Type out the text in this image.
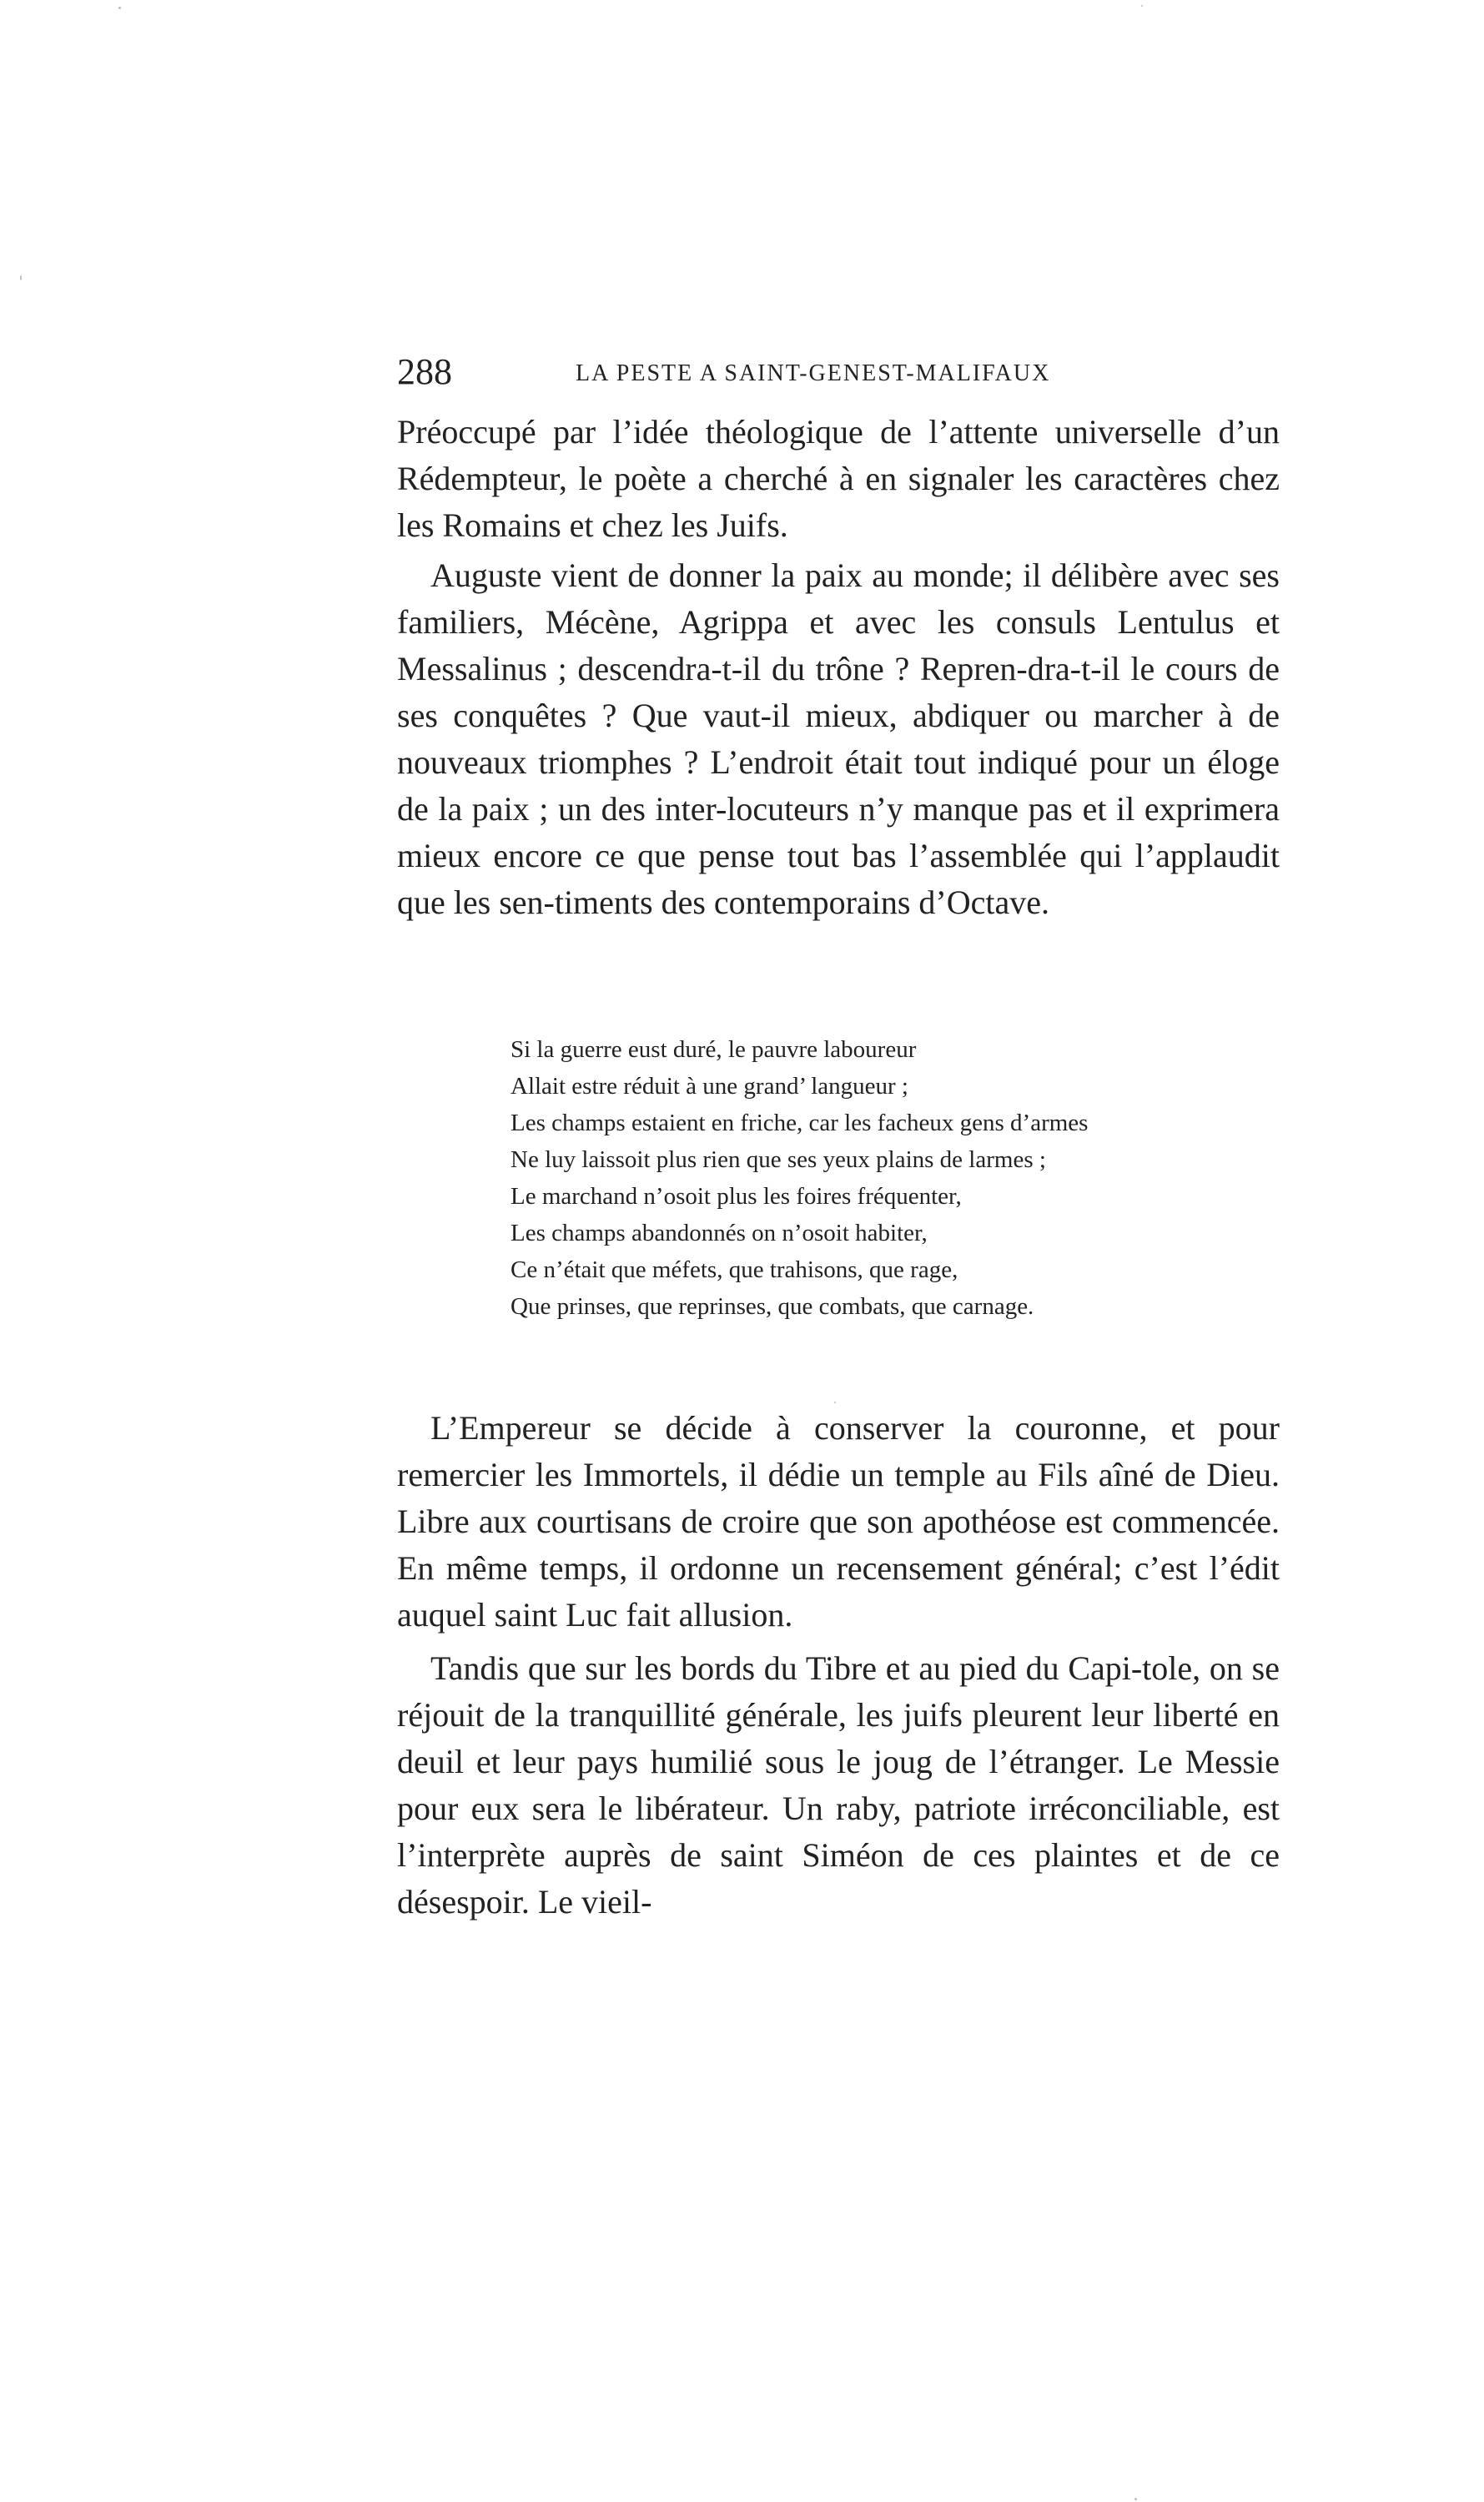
288	LA PESTE A SAINT-GENEST-MALIFAUX

Préoccupé par l’idée théologique de l’attente universelle d’un Rédempteur, le poète a cherché à en signaler les caractères chez les Romains et chez les Juifs.

Auguste vient de donner la paix au monde; il délibère avec ses familiers, Mécène, Agrippa et avec les consuls Lentulus et Messalinus ; descendra-t-il du trône ? Repren-dra-t-il le cours de ses conquêtes ? Que vaut-il mieux, abdiquer ou marcher à de nouveaux triomphes ? L’endroit était tout indiqué pour un éloge de la paix ; un des inter-locuteurs n’y manque pas et il exprimera mieux encore ce que pense tout bas l’assemblée qui l’applaudit que les sen-timents des contemporains d’Octave.

Si la guerre eust duré, le pauvre laboureur
Allait estre réduit à une grand’ langueur ;
Les champs estaient en friche, car les facheux gens d’armes
Ne luy laissoit plus rien que ses yeux plains de larmes ;
Le marchand n’osoit plus les foires fréquenter,
Les champs abandonnés on n’osoit habiter,
Ce n’était que méfets, que trahisons, que rage,
Que prinses, que reprinses, que combats, que carnage.

L’Empereur se décide à conserver la couronne, et pour remercier les Immortels, il dédie un temple au Fils aîné de Dieu. Libre aux courtisans de croire que son apothéose est commencée. En même temps, il ordonne un recensement général; c’est l’édit auquel saint Luc fait allusion.

Tandis que sur les bords du Tibre et au pied du Capi-tole, on se réjouit de la tranquillité générale, les juifs pleurent leur liberté en deuil et leur pays humilié sous le joug de l’étranger. Le Messie pour eux sera le libérateur. Un raby, patriote irréconciliable, est l’interprète auprès de saint Siméon de ces plaintes et de ce désespoir. Le vieil-
